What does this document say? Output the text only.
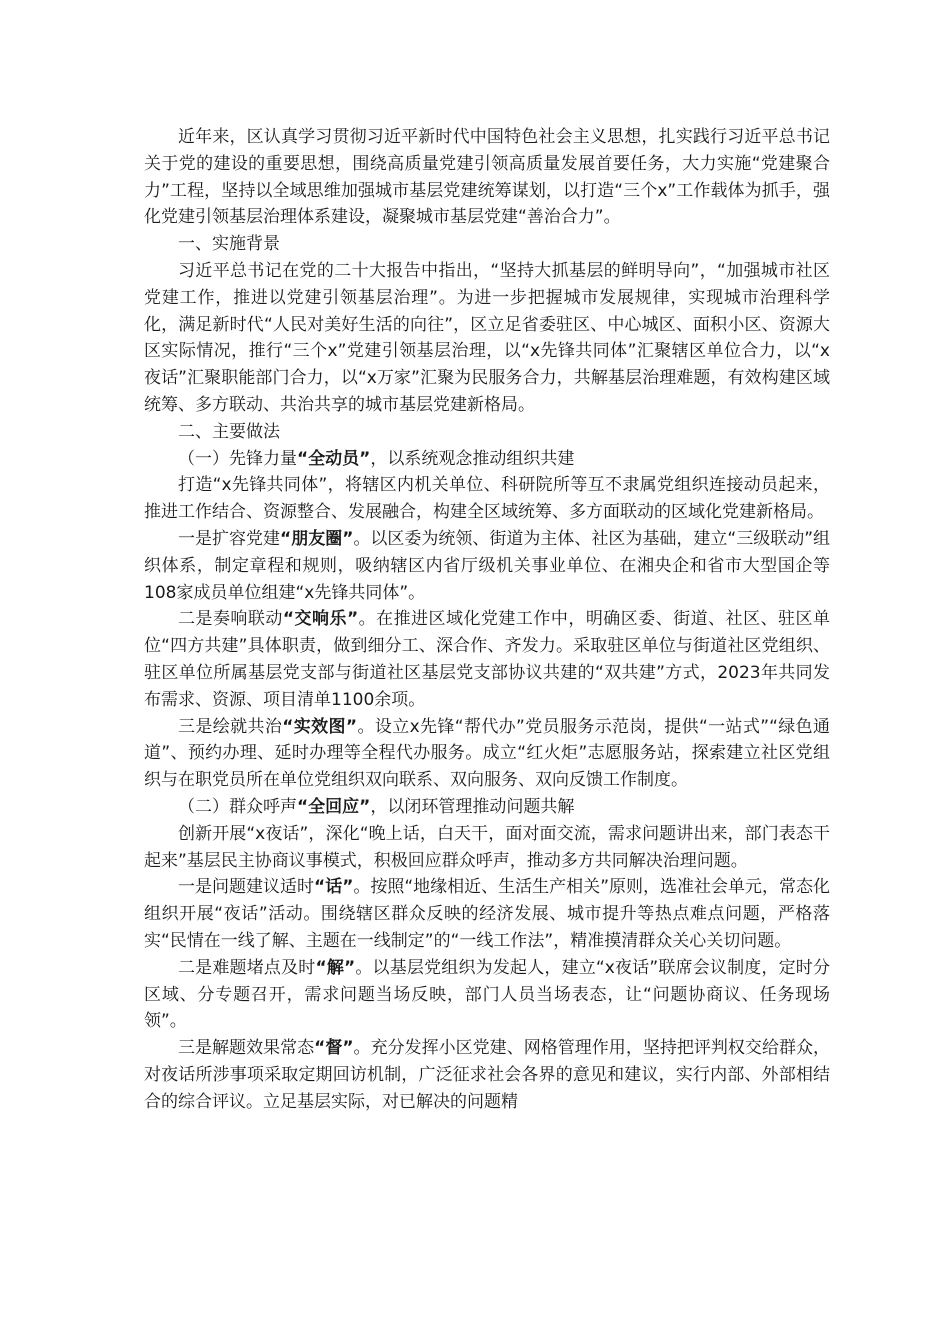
近年来，区认真学习贯彻习近平新时代中国特色社会主义思想，扎实践行习近平总书记关于党的建设的重要思想，围绕高质量党建引领高质量发展首要任务，大力实施“党建聚合力”工程，坚持以全域思维加强城市基层党建统筹谋划，以打造“三个x”工作载体为抓手，强化党建引领基层治理体系建设，凝聚城市基层党建“善治合力”。

一、实施背景

习近平总书记在党的二十大报告中指出，“坚持大抓基层的鲜明导向”，“加强城市社区党建工作，推进以党建引领基层治理”。为进一步把握城市发展规律，实现城市治理科学化，满足新时代“人民对美好生活的向往”，区立足省委驻区、中心城区、面积小区、资源大区实际情况，推行“三个x”党建引领基层治理，以“x先锋共同体”汇聚辖区单位合力，以“x夜话”汇聚职能部门合力，以“x万家”汇聚为民服务合力，共解基层治理难题，有效构建区域统筹、多方联动、共治共享的城市基层党建新格局。

二、主要做法

（一）先锋力量“全动员”，以系统观念推动组织共建

打造“x先锋共同体”，将辖区内机关单位、科研院所等互不隶属党组织连接动员起来，推进工作结合、资源整合、发展融合，构建全区域统筹、多方面联动的区域化党建新格局。

一是扩容党建“朋友圈”。以区委为统领、街道为主体、社区为基础，建立“三级联动”组织体系，制定章程和规则，吸纳辖区内省厅级机关事业单位、在湘央企和省市大型国企等108家成员单位组建“x先锋共同体”。

二是奏响联动“交响乐”。在推进区域化党建工作中，明确区委、街道、社区、驻区单位“四方共建”具体职责，做到细分工、深合作、齐发力。采取驻区单位与街道社区党组织、驻区单位所属基层党支部与街道社区基层党支部协议共建的“双共建”方式，2023年共同发布需求、资源、项目清单1100余项。

三是绘就共治“实效图”。设立x先锋“帮代办”党员服务示范岗，提供“一站式”“绿色通道”、预约办理、延时办理等全程代办服务。成立“红火炬”志愿服务站，探索建立社区党组织与在职党员所在单位党组织双向联系、双向服务、双向反馈工作制度。

（二）群众呼声“全回应”，以闭环管理推动问题共解

创新开展“x夜话”，深化“晚上话，白天干，面对面交流，需求问题讲出来，部门表态干起来”基层民主协商议事模式，积极回应群众呼声，推动多方共同解决治理问题。

一是问题建议适时“话”。按照“地缘相近、生活生产相关”原则，选准社会单元，常态化组织开展“夜话”活动。围绕辖区群众反映的经济发展、城市提升等热点难点问题，严格落实“民情在一线了解、主题在一线制定”的“一线工作法”，精准摸清群众关心关切问题。

二是难题堵点及时“解”。以基层党组织为发起人，建立“x夜话”联席会议制度，定时分区域、分专题召开，需求问题当场反映，部门人员当场表态，让“问题协商议、任务现场领”。

三是解题效果常态“督”。充分发挥小区党建、网格管理作用，坚持把评判权交给群众，对夜话所涉事项采取定期回访机制，广泛征求社会各界的意见和建议，实行内部、外部相结合的综合评议。立足基层实际，对已解决的问题精
